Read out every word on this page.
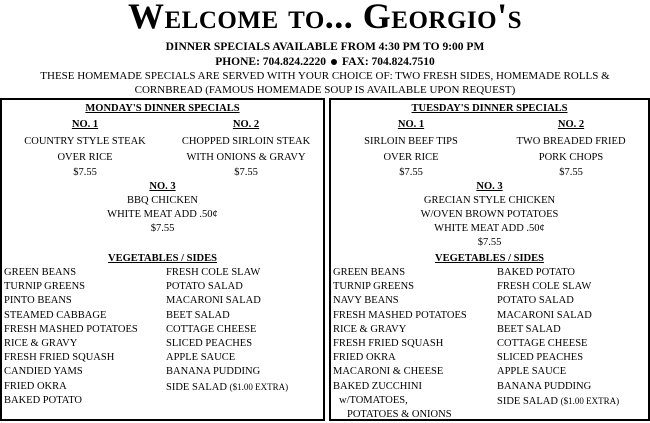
Welcome to... Georgio's
DINNER SPECIALS AVAILABLE FROM 4:30 PM TO 9:00 PM
PHONE: 704.824.2220 FAX: 704.824.7510
THESE HOMEMADE SPECIALS ARE SERVED WITH YOUR CHOICE OF: TWO FRESH SIDES, HOMEMADE ROLLS &
CORNBREAD (FAMOUS HOMEMADE SOUP IS AVAILABLE UPON REQUEST)
MONDAY'S DINNER SPECIALS
NO. 1
COUNTRY STYLE STEAK
OVER RICE
$7.55
NO. 2
CHOPPED SIRLOIN STEAK
WITH ONIONS & GRAVY
$7.55
NO. 3
BBQ CHICKEN
WHITE MEAT ADD .50¢
$7.55
VEGETABLES / SIDES
GREEN BEANS
TURNIP GREENS
PINTO BEANS
STEAMED CABBAGE
FRESH MASHED POTATOES
RICE & GRAVY
FRESH FRIED SQUASH
CANDIED YAMS
FRIED OKRA
BAKED POTATO
FRESH COLE SLAW
POTATO SALAD
MACARONI SALAD
BEET SALAD
COTTAGE CHEESE
SLICED PEACHES
APPLE SAUCE
BANANA PUDDING
SIDE SALAD ($1.00 EXTRA)
TUESDAY'S DINNER SPECIALS
NO. 1
SIRLOIN BEEF TIPS
OVER RICE
$7.55
NO. 2
TWO BREADED FRIED
PORK CHOPS
$7.55
NO. 3
GRECIAN STYLE CHICKEN
W/OVEN BROWN POTATOES
WHITE MEAT ADD .50¢
$7.55
VEGETABLES / SIDES
GREEN BEANS
TURNIP GREENS
NAVY BEANS
FRESH MASHED POTATOES
RICE & GRAVY
FRESH FRIED SQUASH
FRIED OKRA
MACARONI & CHEESE
BAKED ZUCCHINI
w/TOMATOES,
POTATOES & ONIONS
BAKED POTATO
FRESH COLE SLAW
POTATO SALAD
MACARONI SALAD
BEET SALAD
COTTAGE CHEESE
SLICED PEACHES
APPLE SAUCE
BANANA PUDDING
SIDE SALAD ($1.00 EXTRA)
